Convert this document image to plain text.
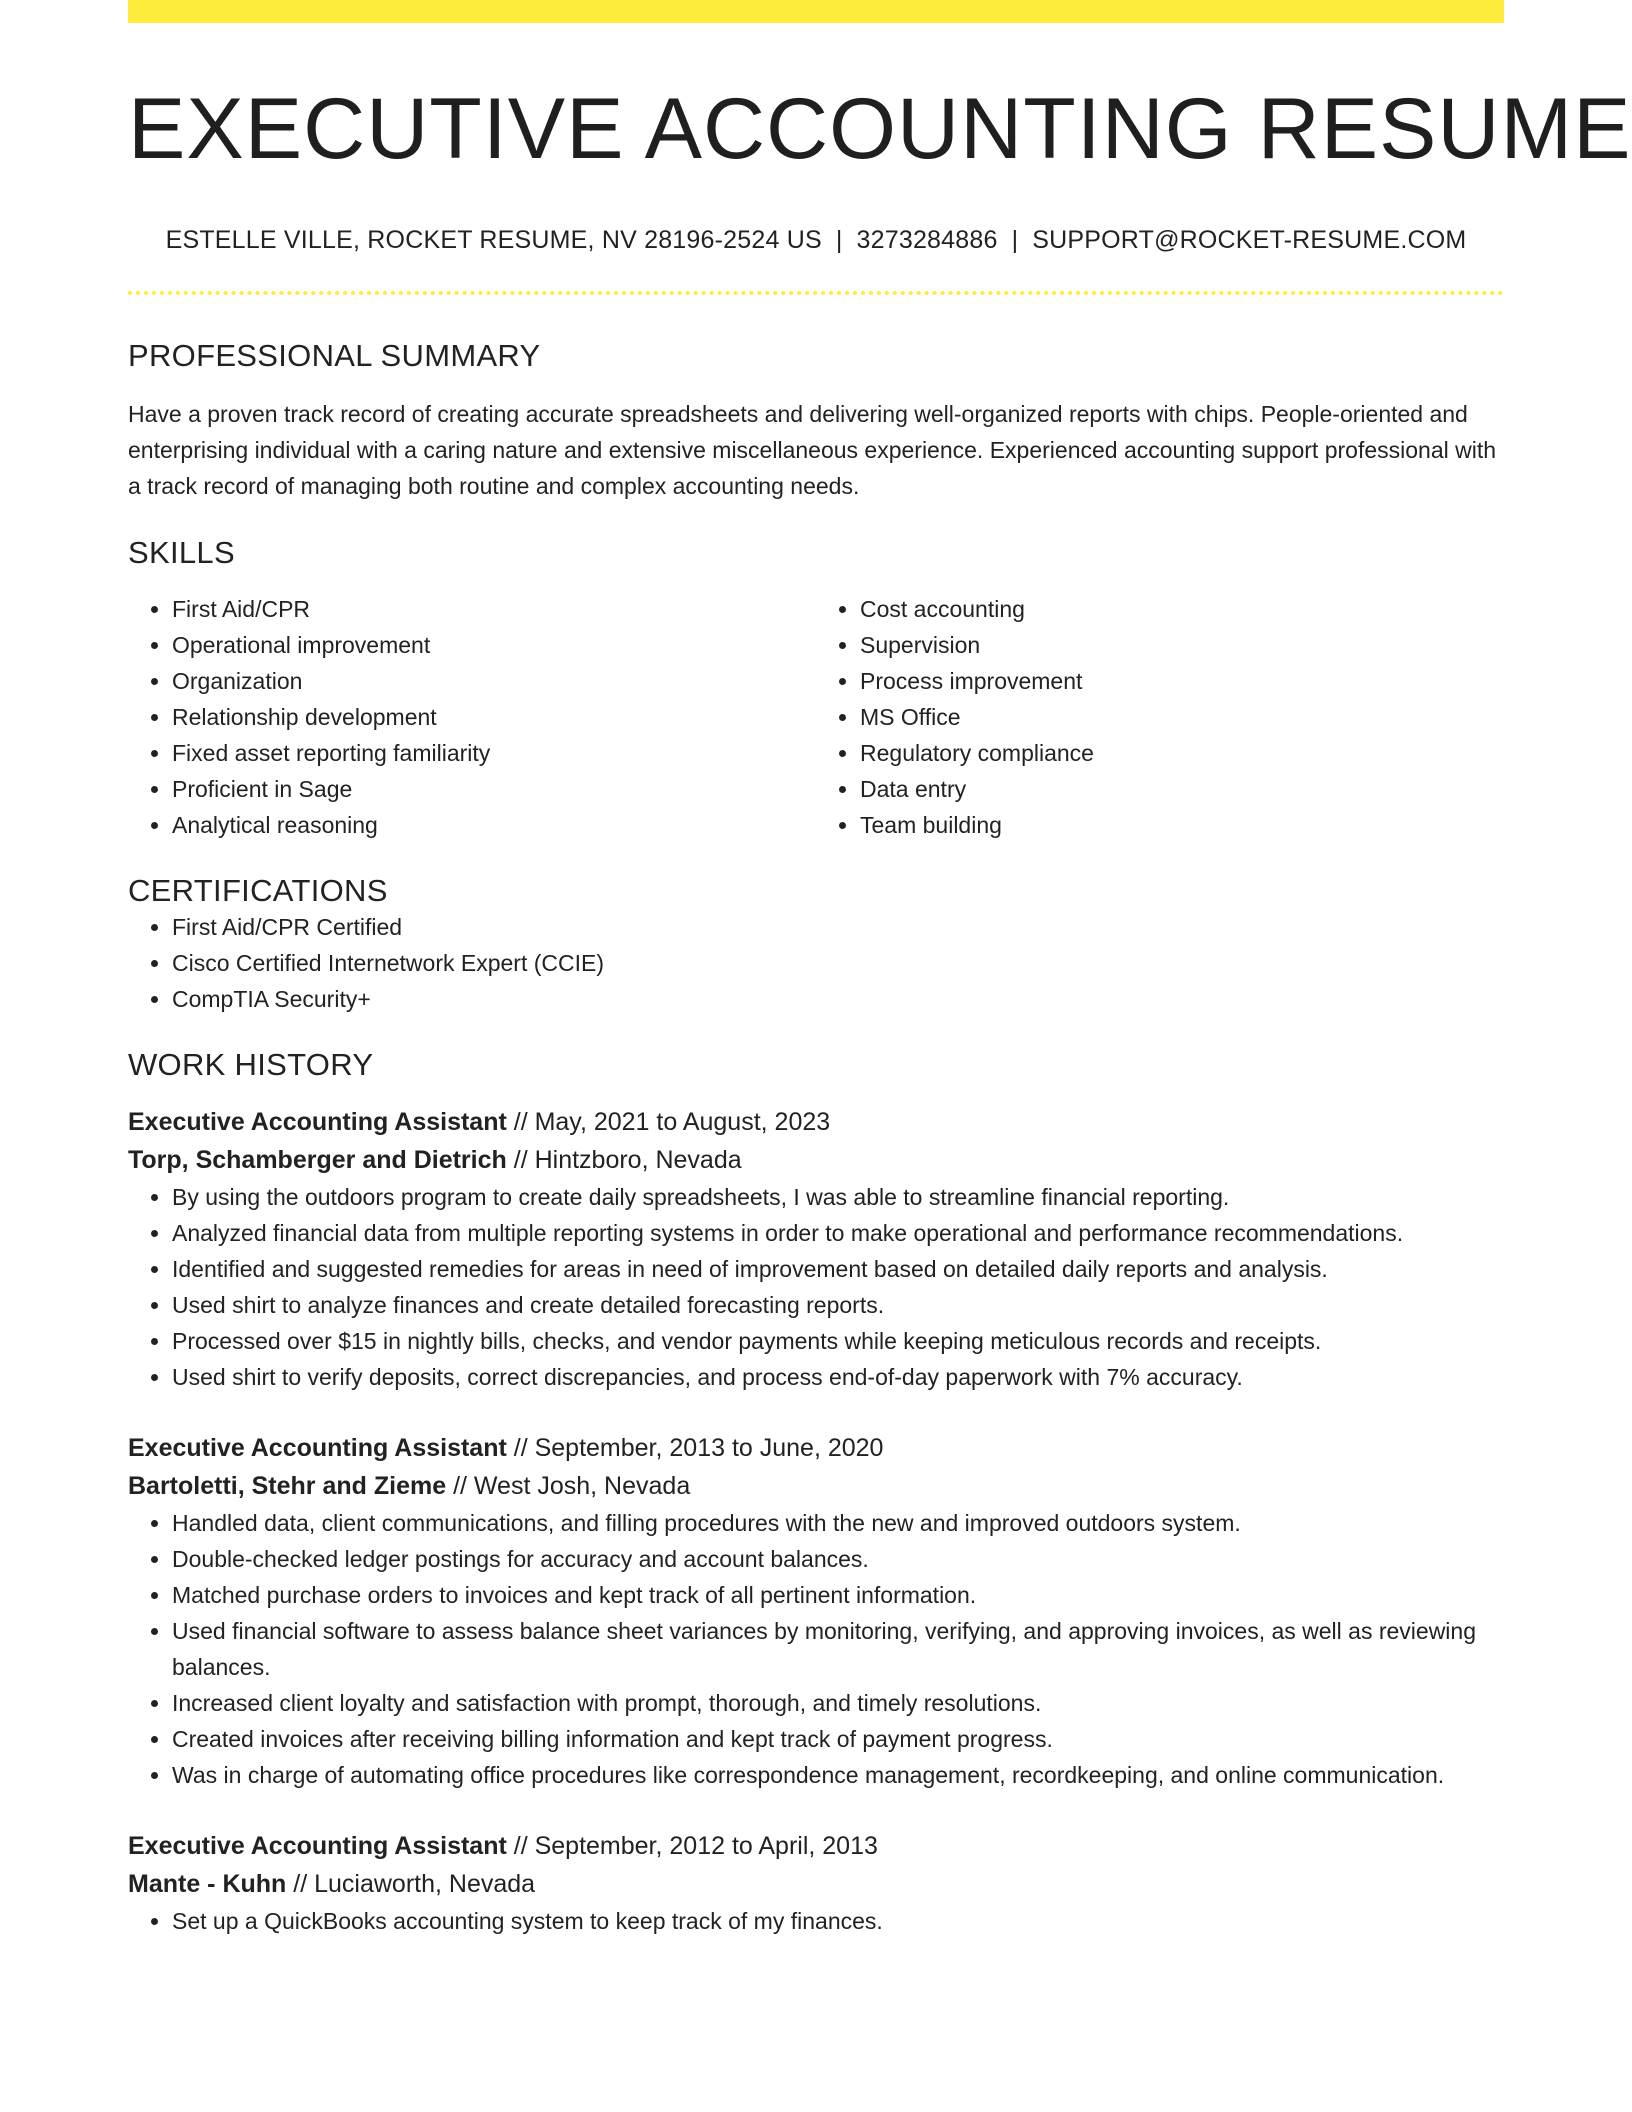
EXECUTIVE ACCOUNTING RESUME
ESTELLE VILLE, ROCKET RESUME, NV 28196-2524 US | 3273284886 | SUPPORT@ROCKET-RESUME.COM
PROFESSIONAL SUMMARY

Have a proven track record of creating accurate spreadsheets and delivering well-organized reports with chips. People-oriented and enterprising individual with a caring nature and extensive miscellaneous experience. Experienced accounting support professional with a track record of managing both routine and complex accounting needs.

SKILLS
• First Aid/CPR
• Operational improvement
• Organization
• Relationship development
• Fixed asset reporting familiarity
• Proficient in Sage
• Analytical reasoning
• Cost accounting
• Supervision
• Process improvement
• MS Office
• Regulatory compliance
• Data entry
• Team building
CERTIFICATIONS
• First Aid/CPR Certified
• Cisco Certified Internetwork Expert (CCIE)
• CompTIA Security+
WORK HISTORY
Executive Accounting Assistant // May, 2021 to August, 2023
Torp, Schamberger and Dietrich // Hintzboro, Nevada
• By using the outdoors program to create daily spreadsheets, I was able to streamline financial reporting.
• Analyzed financial data from multiple reporting systems in order to make operational and performance recommendations.
• Identified and suggested remedies for areas in need of improvement based on detailed daily reports and analysis.
• Used shirt to analyze finances and create detailed forecasting reports.
• Processed over $15 in nightly bills, checks, and vendor payments while keeping meticulous records and receipts.
• Used shirt to verify deposits, correct discrepancies, and process end-of-day paperwork with 7% accuracy.
Executive Accounting Assistant // September, 2013 to June, 2020
Bartoletti, Stehr and Zieme // West Josh, Nevada
• Handled data, client communications, and filling procedures with the new and improved outdoors system.
• Double-checked ledger postings for accuracy and account balances.
• Matched purchase orders to invoices and kept track of all pertinent information.
• Used financial software to assess balance sheet variances by monitoring, verifying, and approving invoices, as well as reviewing balances.
• Increased client loyalty and satisfaction with prompt, thorough, and timely resolutions.
• Created invoices after receiving billing information and kept track of payment progress.
• Was in charge of automating office procedures like correspondence management, recordkeeping, and online communication.
Executive Accounting Assistant // September, 2012 to April, 2013
Mante - Kuhn // Luciaworth, Nevada
• Set up a QuickBooks accounting system to keep track of my finances.
